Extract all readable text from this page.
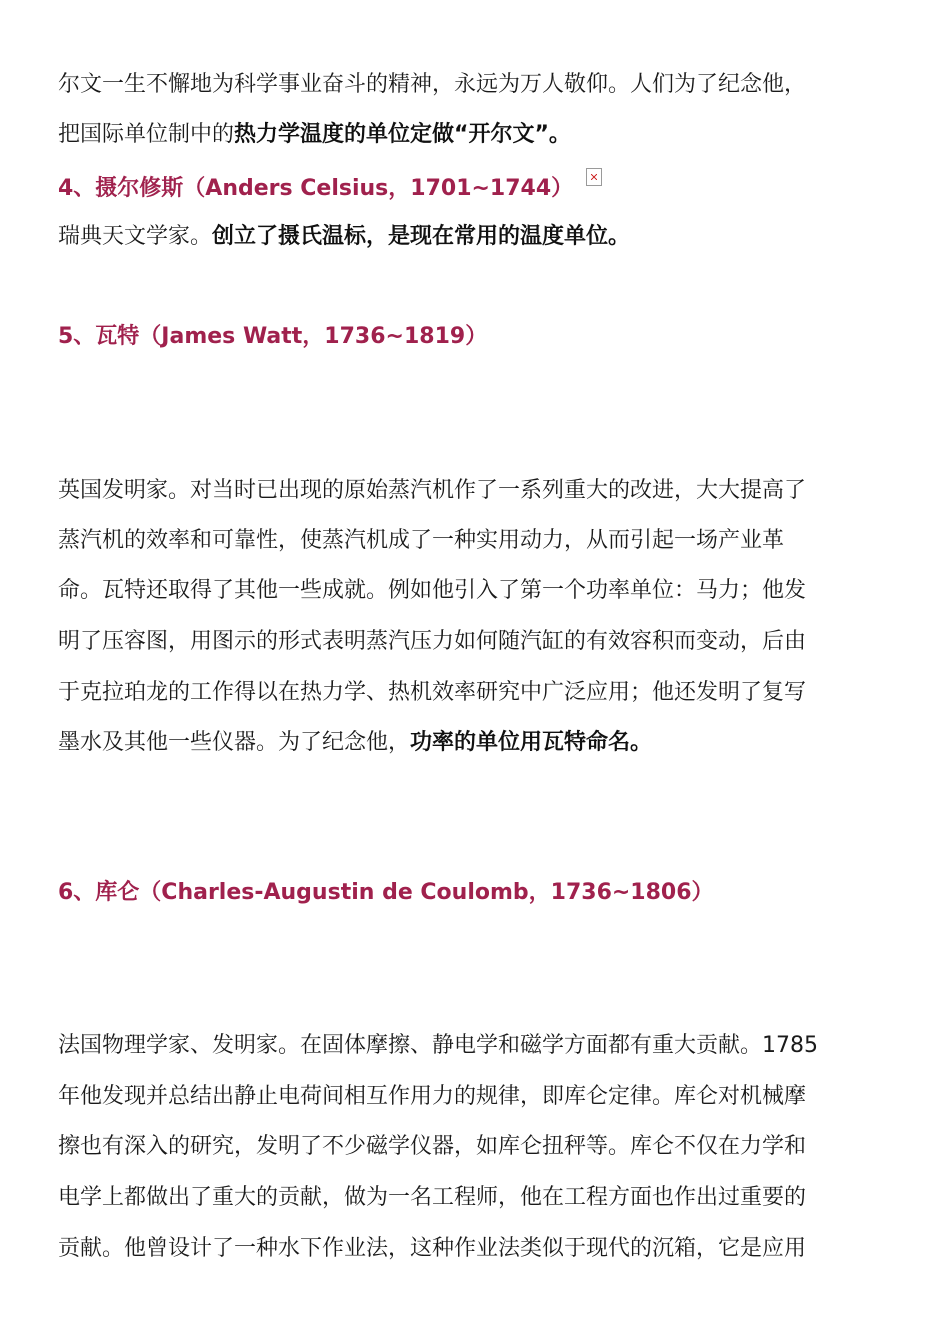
尔文一生不懈地为科学事业奋斗的精神，永远为万人敬仰。人们为了纪念他，
把国际单位制中的热力学温度的单位定做“开尔文”。
4、摄尔修斯（Anders Celsius，1701~1744）
瑞典天文学家。创立了摄氏温标，是现在常用的温度单位。
5、瓦特（James Watt，1736~1819）
英国发明家。对当时已出现的原始蒸汽机作了一系列重大的改进，大大提高了
蒸汽机的效率和可靠性，使蒸汽机成了一种实用动力，从而引起一场产业革
命。瓦特还取得了其他一些成就。例如他引入了第一个功率单位：马力；他发
明了压容图，用图示的形式表明蒸汽压力如何随汽缸的有效容积而变动，后由
于克拉珀龙的工作得以在热力学、热机效率研究中广泛应用；他还发明了复写
墨水及其他一些仪器。为了纪念他，功率的单位用瓦特命名。
6、库仑（Charles-Augustin de Coulomb，1736~1806）
法国物理学家、发明家。在固体摩擦、静电学和磁学方面都有重大贡献。1785
年他发现并总结出静止电荷间相互作用力的规律，即库仑定律。库仑对机械摩
擦也有深入的研究，发明了不少磁学仪器，如库仑扭秤等。库仑不仅在力学和
电学上都做出了重大的贡献，做为一名工程师，他在工程方面也作出过重要的
贡献。他曾设计了一种水下作业法，这种作业法类似于现代的沉箱，它是应用
